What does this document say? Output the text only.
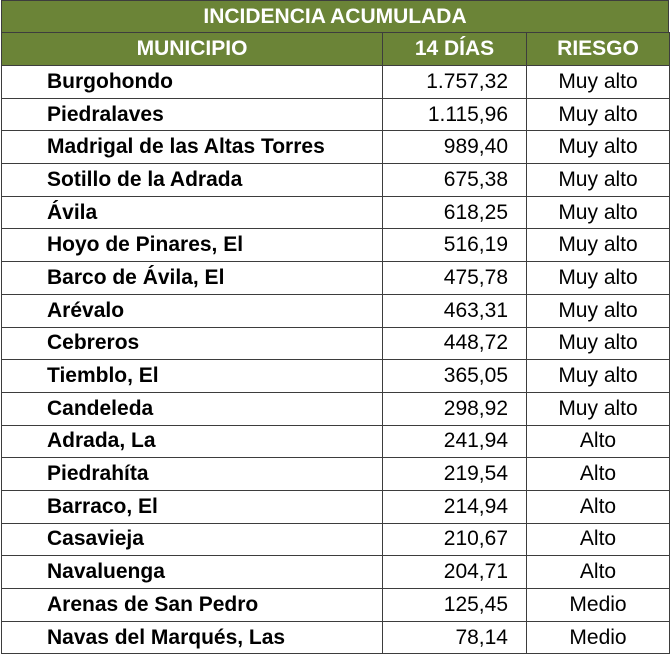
INCIDENCIA ACUMULADA
MUNICIPIO	14 DÍAS	RIESGO
Burgohondo	1.757,32	Muy alto
Piedralaves	1.115,96	Muy alto
Madrigal de las Altas Torres	989,40	Muy alto
Sotillo de la Adrada	675,38	Muy alto
Ávila	618,25	Muy alto
Hoyo de Pinares, El	516,19	Muy alto
Barco de Ávila, El	475,78	Muy alto
Arévalo	463,31	Muy alto
Cebreros	448,72	Muy alto
Tiemblo, El	365,05	Muy alto
Candeleda	298,92	Muy alto
Adrada, La	241,94	Alto
Piedrahíta	219,54	Alto
Barraco, El	214,94	Alto
Casavieja	210,67	Alto
Navaluenga	204,71	Alto
Arenas de San Pedro	125,45	Medio
Navas del Marqués, Las	78,14	Medio
